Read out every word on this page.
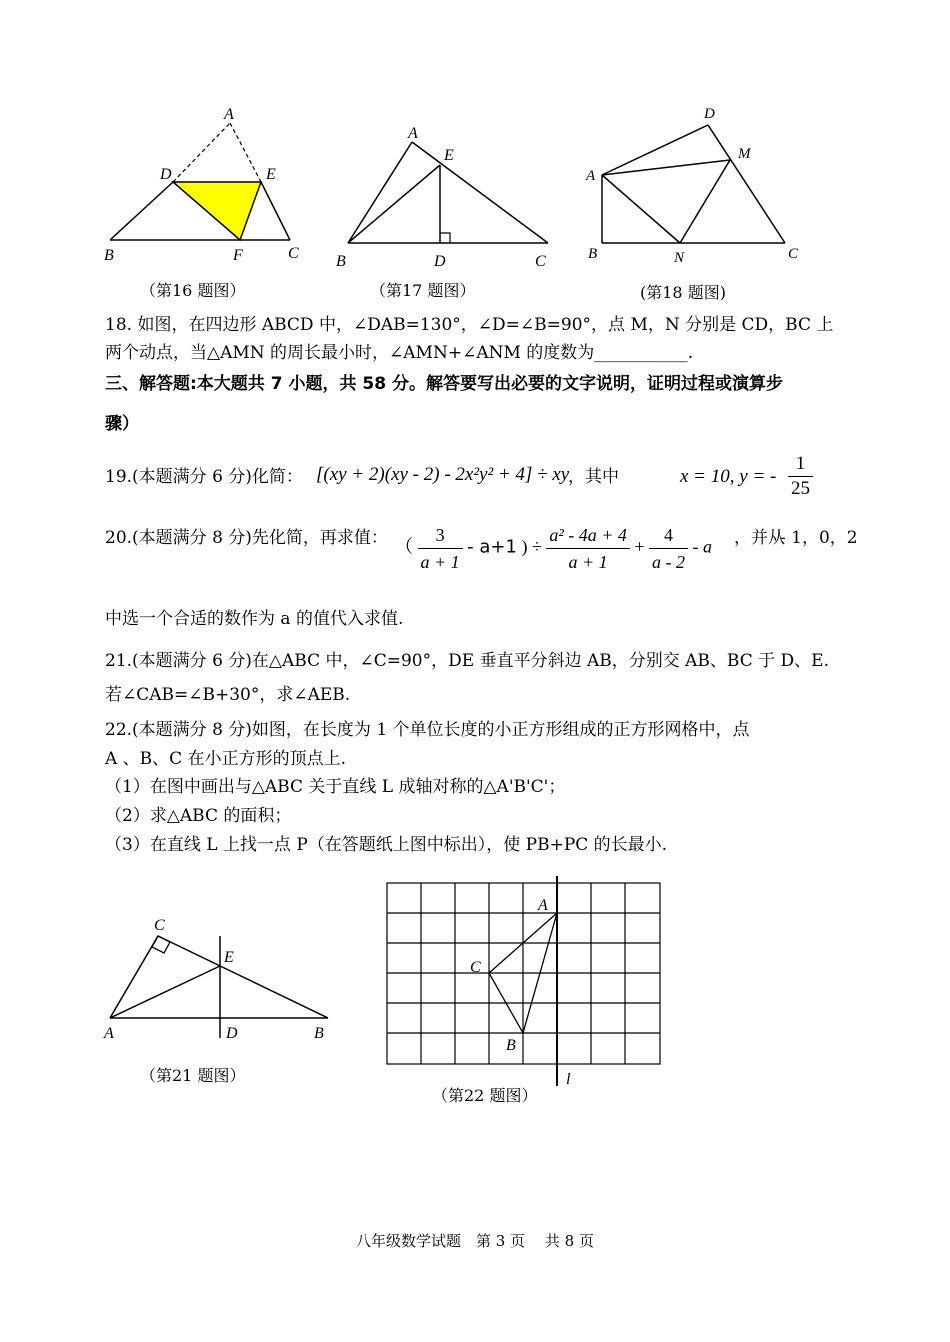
A
D	E
B	F	C
（第16 题图）
A
E
B	D	C
（第17 题图）
D
M
A
B	N	C
(第18 题图)
18. 如图，在四边形 ABCD 中，∠DAB=130°，∠D=∠B=90°，点 M，N 分别是 CD，BC 上
两个动点，当△AMN 的周长最小时，∠AMN+∠ANM 的度数为___________.
三、解答题:本大题共 7 小题，共 58 分。解答要写出必要的文字说明，证明过程或演算步
骤）
19.(本题满分 6 分)化简： [(xy + 2)(xy - 2) - 2x²y² + 4] ÷ xy
，其中	x = 10, y = - $\frac{1}{25}$
20.(本题满分 8 分)先化简，再求值： （ $\frac{3}{a + 1} - a+1$ ) ÷ $\frac{\text{a² - 4a + 4}}{a + 1} + \frac{4}{a - 2} - a$ ，并从
- 1，0，2
中选一个合适的数作为 a 的值代入求值.
21.(本题满分 6 分)在△ABC 中，∠C=90°，DE 垂直平分斜边 AB，分别交 AB、BC 于 D、E.
若∠CAB=∠B+30°，求∠AEB.
22.(本题满分 8 分)如图，在长度为 1 个单位长度的小正方形组成的正方形网格中，点
A 、B、C 在小正方形的顶点上.
（1）在图中画出与△ABC 关于直线 L 成轴对称的△A'B'C'；
（2）求△ABC 的面积；
（3）在直线 L 上找一点 P（在答题纸上图中标出），使 PB+PC 的长最小.
C
E
A	D	B
（第21 题图）
A
C
B
l
（第22 题图）
八年级数学试题　第 3 页　 共 8 页
